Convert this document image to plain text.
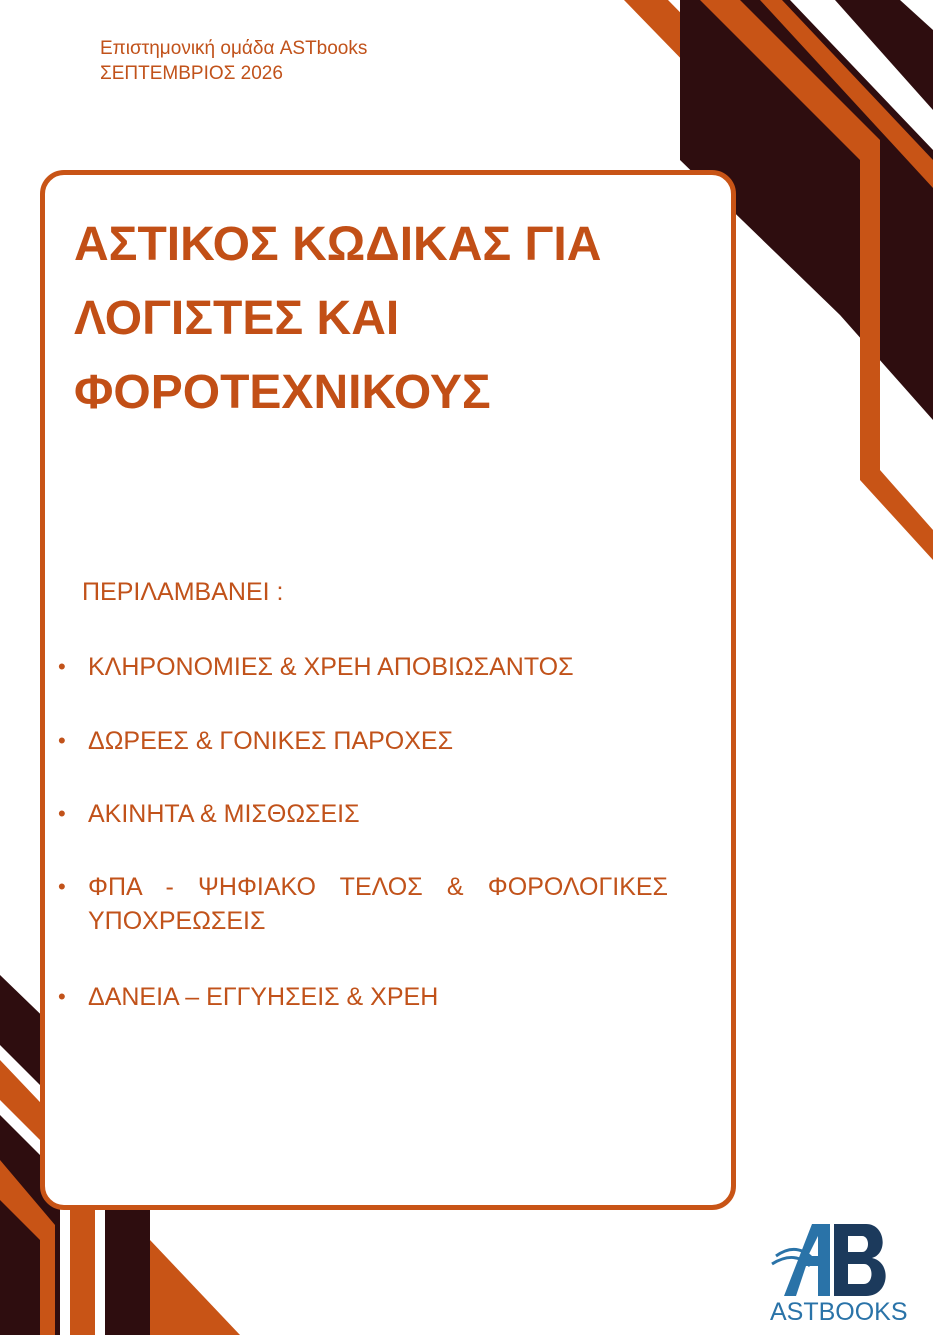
Επιστημονική ομάδα ASTbooks
ΣΕΠΤΕΜΒΡΙΟΣ 2026
ΑΣΤΙΚΟΣ ΚΩΔΙΚΑΣ ΓΙΑ
ΛΟΓΙΣΤΕΣ ΚΑΙ
ΦΟΡΟΤΕΧΝΙΚΟΥΣ
ΠΕΡΙΛΑΜΒΑΝΕΙ :
• ΚΛΗΡΟΝΟΜΙΕΣ & ΧΡΕΗ ΑΠΟΒΙΩΣΑΝΤΟΣ
• ΔΩΡΕΕΣ & ΓΟΝΙΚΕΣ ΠΑΡΟΧΕΣ
• ΑΚΙΝΗΤΑ & ΜΙΣΘΩΣΕΙΣ
• ΦΠΑ - ΨΗΦΙΑΚΟ ΤΕΛΟΣ & ΦΟΡΟΛΟΓΙΚΕΣ ΥΠΟΧΡΕΩΣΕΙΣ
• ΔΑΝΕΙΑ – ΕΓΓΥΗΣΕΙΣ & ΧΡΕΗ
ASTBOOKS
